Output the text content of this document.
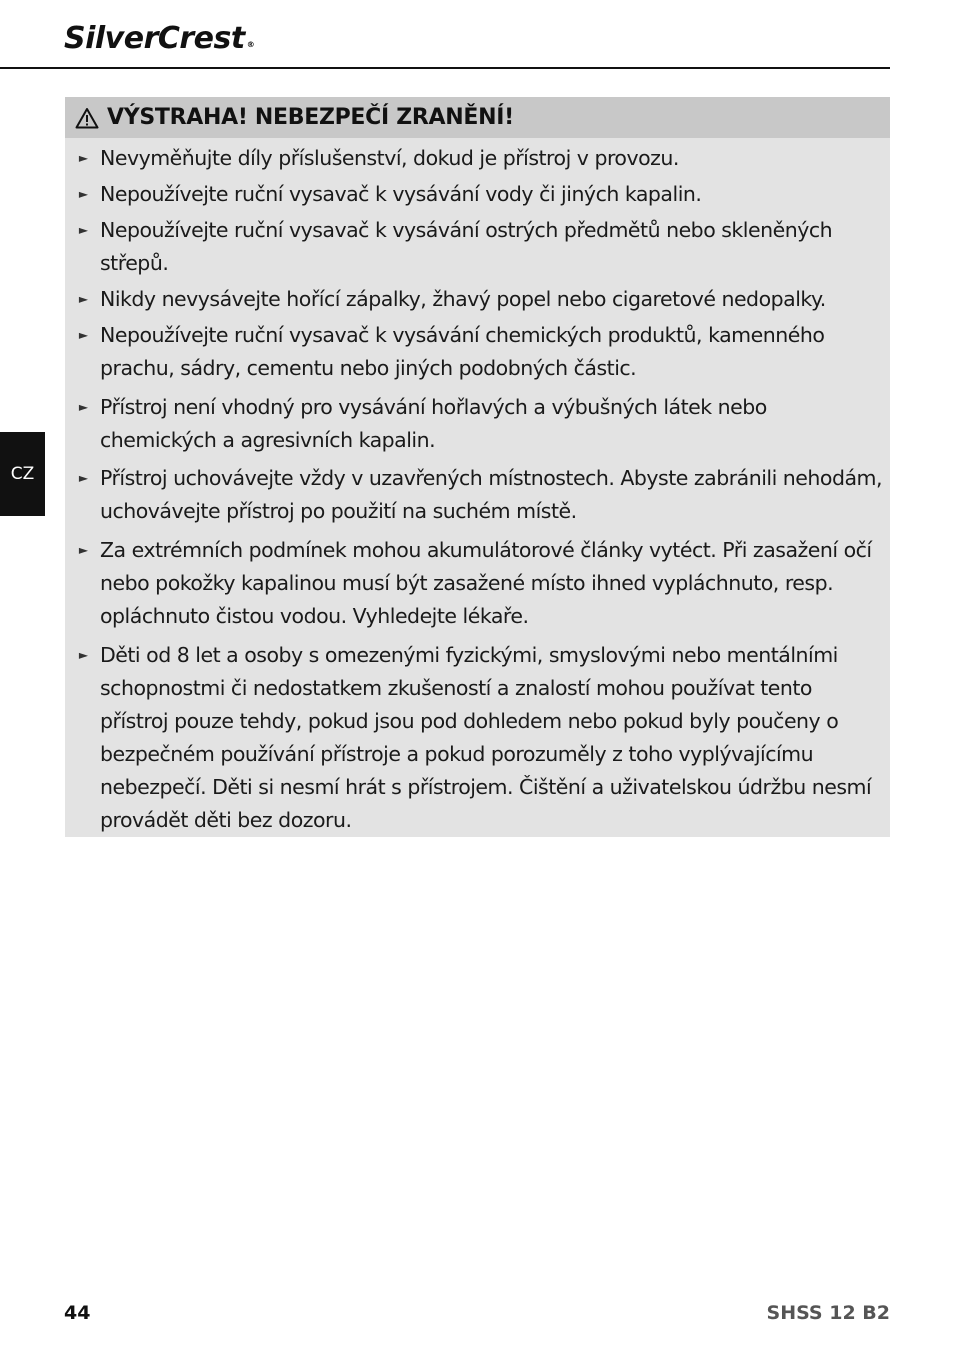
SilverCrest ®
CZ
VÝSTRAHA! NEBEZPEČÍ ZRANĚNÍ!
► Nevyměňujte díly příslušenství, dokud je přístroj v provozu.
► Nepoužívejte ruční vysavač k vysávání vody či jiných kapalin.
► Nepoužívejte ruční vysavač k vysávání ostrých předmětů nebo skleněných střepů.
► Nikdy nevysávejte hořící zápalky, žhavý popel nebo cigaretové nedopalky.
► Nepoužívejte ruční vysavač k vysávání chemických produktů, kamenného prachu, sádry, cementu nebo jiných podobných částic.
► Přístroj není vhodný pro vysávání hořlavých a výbušných látek nebo chemických a agresivních kapalin.
► Přístroj uchovávejte vždy v uzavřených místnostech. Abyste zabránili nehodám, uchovávejte přístroj po použití na suchém místě.
► Za extrémních podmínek mohou akumulátorové články vytéct. Při zasažení očí nebo pokožky kapalinou musí být zasažené místo ihned vypláchnuto, resp. opláchnuto čistou vodou. Vyhledejte lékaře.
► Děti od 8 let a osoby s omezenými fyzickými, smyslovými nebo mentálními schopnostmi či nedostatkem zkušeností a znalostí mohou používat tento přístroj pouze tehdy, pokud jsou pod dohledem nebo pokud byly poučeny o bezpečném používání přístroje a pokud porozuměly z toho vyplývajícímu nebezpečí. Děti si nesmí hrát s přístrojem. Čištění a uživatelskou údržbu nesmí provádět děti bez dozoru.
44	SHSS 12 B2
